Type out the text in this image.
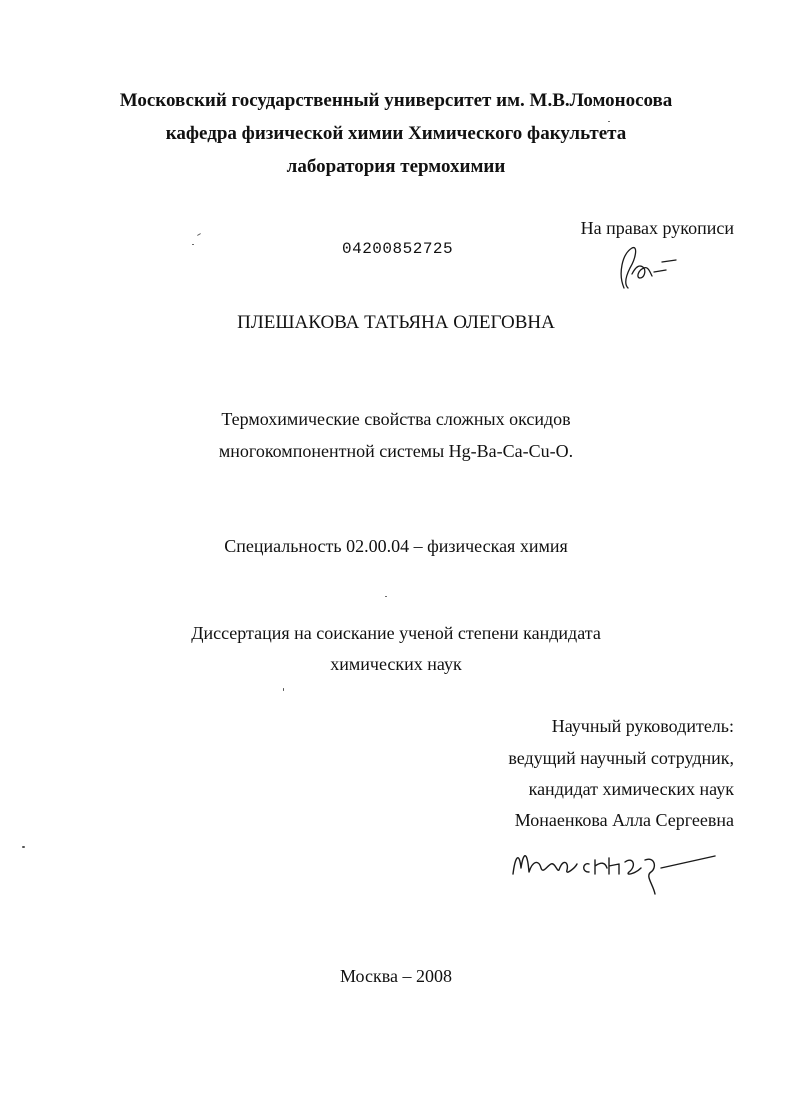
Московский государственный университет им. М.В.Ломоносова
кафедра физической химии Химического факультета
лаборатория термохимии
На правах рукописи
04200852725
ПЛЕШАКОВА ТАТЬЯНА ОЛЕГОВНА
Термохимические свойства сложных оксидов
многокомпонентной системы Hg-Ba-Ca-Cu-O.
Специальность 02.00.04 – физическая химия
Диссертация на соискание ученой степени кандидата
химических наук
Научный руководитель:
ведущий научный сотрудник,
кандидат химических наук
Монаенкова Алла Сергеевна
Москва – 2008
